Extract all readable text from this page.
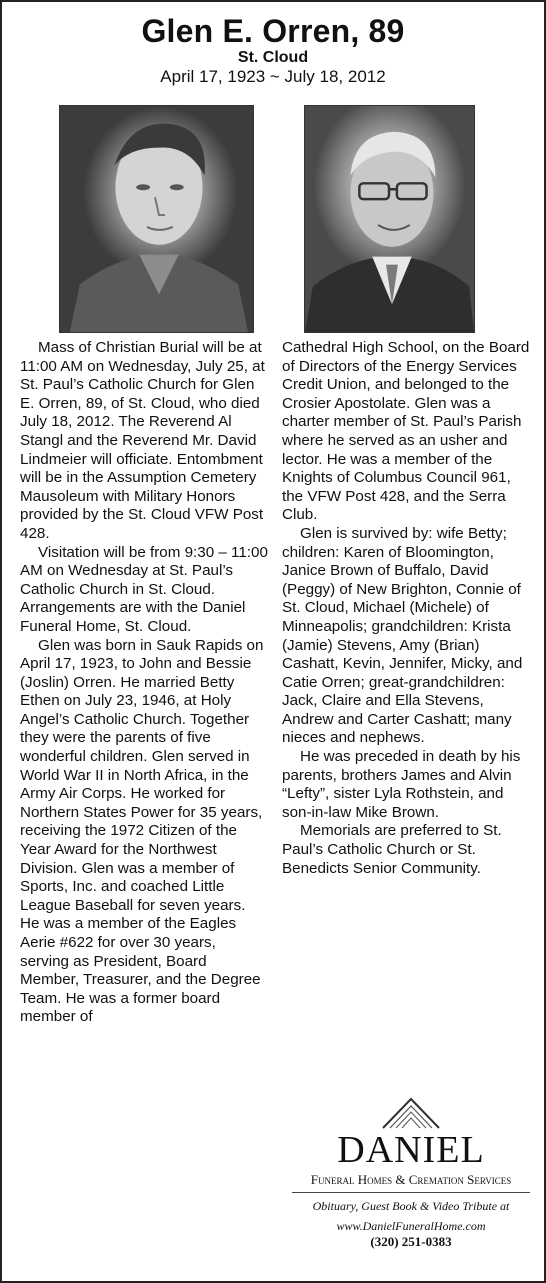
Glen E. Orren, 89
St. Cloud
April 17, 1923 ~ July 18, 2012

Mass of Christian Burial will be at 11:00 AM on Wednesday, July 25, at St. Paul’s Catholic Church for Glen E. Orren, 89, of St. Cloud, who died July 18, 2012. The Reverend Al Stangl and the Reverend Mr. David Lindmeier will officiate. Entombment will be in the Assumption Cemetery Mausoleum with Military Honors provided by the St. Cloud VFW Post 428.

Visitation will be from 9:30 – 11:00 AM on Wednesday at St. Paul’s Catholic Church in St. Cloud. Arrangements are with the Daniel Funeral Home, St. Cloud.

Glen was born in Sauk Rapids on April 17, 1923, to John and Bessie (Joslin) Orren. He married Betty Ethen on July 23, 1946, at Holy Angel’s Catholic Church. Together they were the parents of five wonderful children. Glen served in World War II in North Africa, in the Army Air Corps. He worked for Northern States Power for 35 years, receiving the 1972 Citizen of the Year Award for the Northwest Division. Glen was a member of Sports, Inc. and coached Little League Baseball for seven years. He was a member of the Eagles Aerie #622 for over 30 years, serving as President, Board Member, Treasurer, and the Degree Team. He was a former board member of

Cathedral High School, on the Board of Directors of the Energy Services Credit Union, and belonged to the Crosier Apostolate. Glen was a charter member of St. Paul’s Parish where he served as an usher and lector. He was a member of the Knights of Columbus Council 961, the VFW Post 428, and the Serra Club.

Glen is survived by: wife Betty; children: Karen of Bloomington, Janice Brown of Buffalo, David (Peggy) of New Brighton, Connie of St. Cloud, Michael (Michele) of Minneapolis; grandchildren: Krista (Jamie) Stevens, Amy (Brian) Cashatt, Kevin, Jennifer, Micky, and Catie Orren; great-grandchildren: Jack, Claire and Ella Stevens, Andrew and Carter Cashatt; many nieces and nephews.

He was preceded in death by his parents, brothers James and Alvin “Lefty”, sister Lyla Rothstein, and son-in-law Mike Brown.

Memorials are preferred to St. Paul’s Catholic Church or St. Benedicts Senior Community.

DANIEL
Funeral Homes & Cremation Services
Obituary, Guest Book & Video Tribute at
www.DanielFuneralHome.com
(320) 251-0383
